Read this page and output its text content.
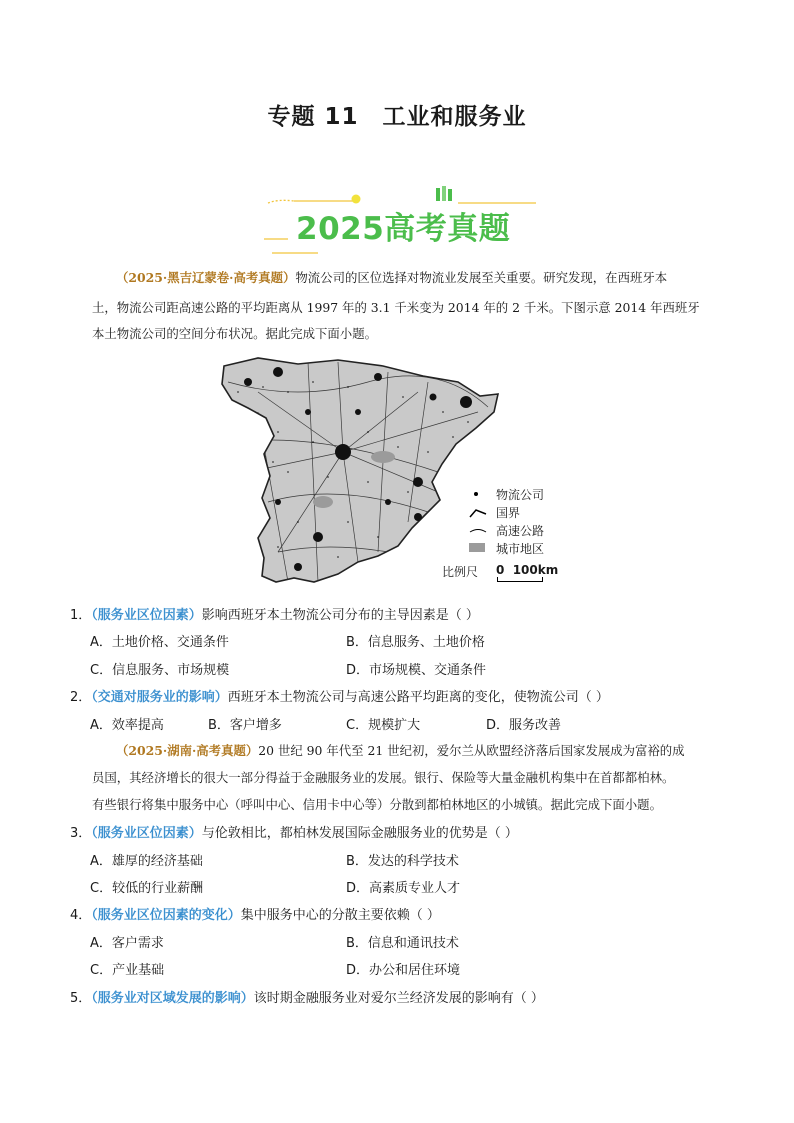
专题 11　工业和服务业
2025高考真题
（2025·黑吉辽蒙卷·高考真题）物流公司的区位选择对物流业发展至关重要。研究发现，在西班牙本
土，物流公司距高速公路的平均距离从 1997 年的 3.1 千米变为 2014 年的 2 千米。下图示意 2014 年西班牙
本土物流公司的空间分布状况。据此完成下面小题。
物流公司
国界
高速公路
城市地区
比例尺 0  100km
1．（服务业区位因素）影响西班牙本土物流公司分布的主导因素是（ ）
A．土地价格、交通条件	B．信息服务、土地价格
C．信息服务、市场规模	D．市场规模、交通条件
2．（交通对服务业的影响）西班牙本土物流公司与高速公路平均距离的变化，使物流公司（ ）
A．效率提高	B．客户增多	C．规模扩大	D．服务改善
（2025·湖南·高考真题）20 世纪 90 年代至 21 世纪初，爱尔兰从欧盟经济落后国家发展成为富裕的成
员国，其经济增长的很大一部分得益于金融服务业的发展。银行、保险等大量金融机构集中在首都都柏林。
有些银行将集中服务中心（呼叫中心、信用卡中心等）分散到都柏林地区的小城镇。据此完成下面小题。
3．（服务业区位因素）与伦敦相比，都柏林发展国际金融服务业的优势是（ ）
A．雄厚的经济基础	B．发达的科学技术
C．较低的行业薪酬	D．高素质专业人才
4．（服务业区位因素的变化）集中服务中心的分散主要依赖（ ）
A．客户需求	B．信息和通讯技术
C．产业基础	D．办公和居住环境
5．（服务业对区域发展的影响）该时期金融服务业对爱尔兰经济发展的影响有（ ）
